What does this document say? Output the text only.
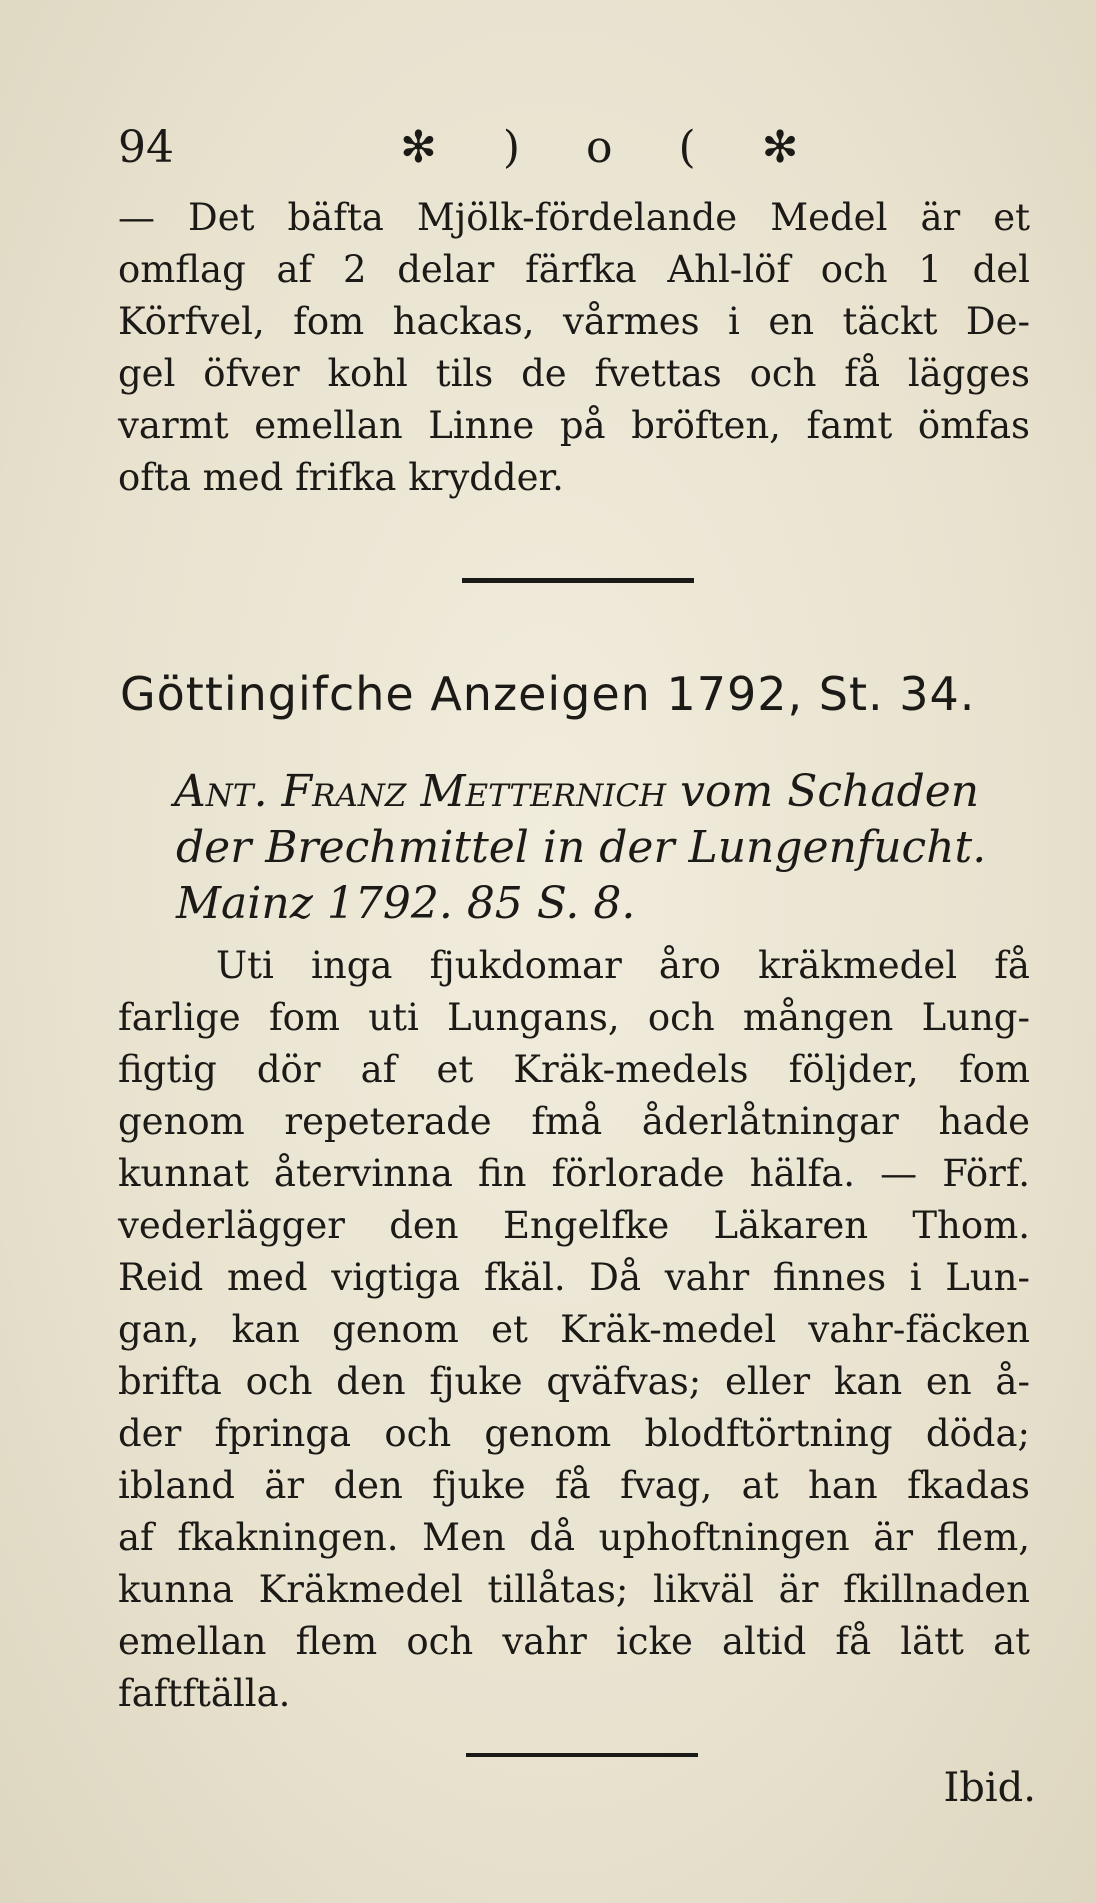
94	✻ ) o ( ✻
— Det bäfta Mjölk-fördelande Medel är et
omflag af 2 delar färfka Ahl-löf och 1 del
Körfvel, fom hackas, vårmes i en täckt De-
gel öfver kohl tils de fvettas och få lägges
varmt emellan Linne på bröften, famt ömfas
ofta med frifka krydder.
Göttingifche Anzeigen 1792, St. 34.
Ant. Franz Metternich vom Schaden
der Brechmittel in der Lungenfucht.
Mainz 1792. 85 S. 8.
Uti inga fjukdomar åro kräkmedel få
farlige fom uti Lungans, och mången Lung-
figtig dör af et Kräk-medels följder, fom
genom repeterade fmå åderlåtningar hade
kunnat återvinna fin förlorade hälfa. — Förf.
vederlägger den Engelfke Läkaren Thom.
Reid med vigtiga fkäl. Då vahr finnes i Lun-
gan, kan genom et Kräk-medel vahr-fäcken
brifta och den fjuke qväfvas; eller kan en å-
der fpringa och genom blodftörtning döda;
ibland är den fjuke få fvag, at han fkadas
af fkakningen. Men då uphoftningen är flem,
kunna Kräkmedel tillåtas; likväl är fkillnaden
emellan flem och vahr icke altid få lätt at
faftftälla.
Ibid.
